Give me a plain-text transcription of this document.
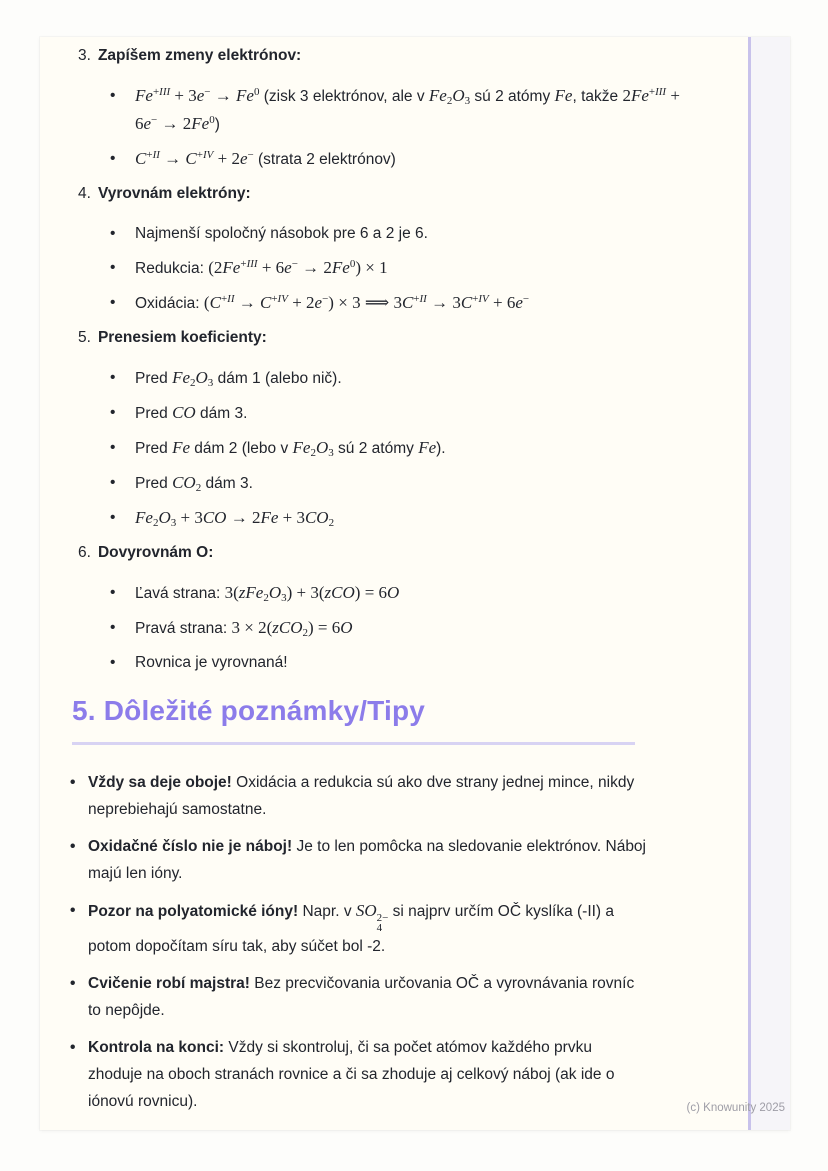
3. Zapíšem zmeny elektrónov:
• $Fe^{+III} + 3e^- \to Fe^0$ (zisk 3 elektrónov, ale v $Fe_2O_3$ sú 2 atómy Fe, takže $2Fe^{+III} + 6e^- \to 2Fe^0$)
• $C^{+II} \to C^{+IV} + 2e^-$ (strata 2 elektrónov)
4. Vyrovnám elektróny:
• Najmenší spoločný násobok pre 6 a 2 je 6.
• Redukcia: $(2Fe^{+III} + 6e^- \to 2Fe^0) \times 1$
• Oxidácia: $(C^{+II} \to C^{+IV} + 2e^-) \times 3$ ⟹ $3C^{+II} \to 3C^{+IV} + 6e^-$
5. Prenesiem koeficienty:
• Pred $Fe_2O_3$ dám 1 (alebo nič).
• Pred CO dám 3.
• Pred Fe dám 2 (lebo v $Fe_2O_3$ sú 2 atómy Fe).
• Pred $CO_2$ dám 3.
• $Fe_2O_3 + 3CO \to 2Fe + 3CO_2$
6. Dovyrovnám O:
• Ľavá strana: $3(zFe_2O_3) + 3(zCO) = 6O$
• Pravá strana: 3 × 2(zCO$_2$) = 6O
• Rovnica je vyrovnaná!
5. Dôležité poznámky/Tipy
• Vždy sa deje oboje! Oxidácia a redukcia sú ako dve strany jednej mince, nikdy neprebiehajú samostatne.
• Oxidačné číslo nie je náboj! Je to len pomôcka na sledovanie elektrónov. Náboj majú len ióny.
• Pozor na polyatomické ióny! Napr. v SO 2−
4
si najprv určím OČ kyslíka (-II) a potom dopočítam síru tak, aby súčet bol -2.
• Cvičenie robí majstra! Bez precvičovania určovania OČ a vyrovnávania rovníc to nepôjde.
• Kontrola na konci: Vždy si skontroluj, či sa počet atómov každého prvku zhoduje na oboch stranách rovnice a či sa zhoduje aj celkový náboj (ak ide o iónovú rovnicu).	(c) Knowunity 2025
